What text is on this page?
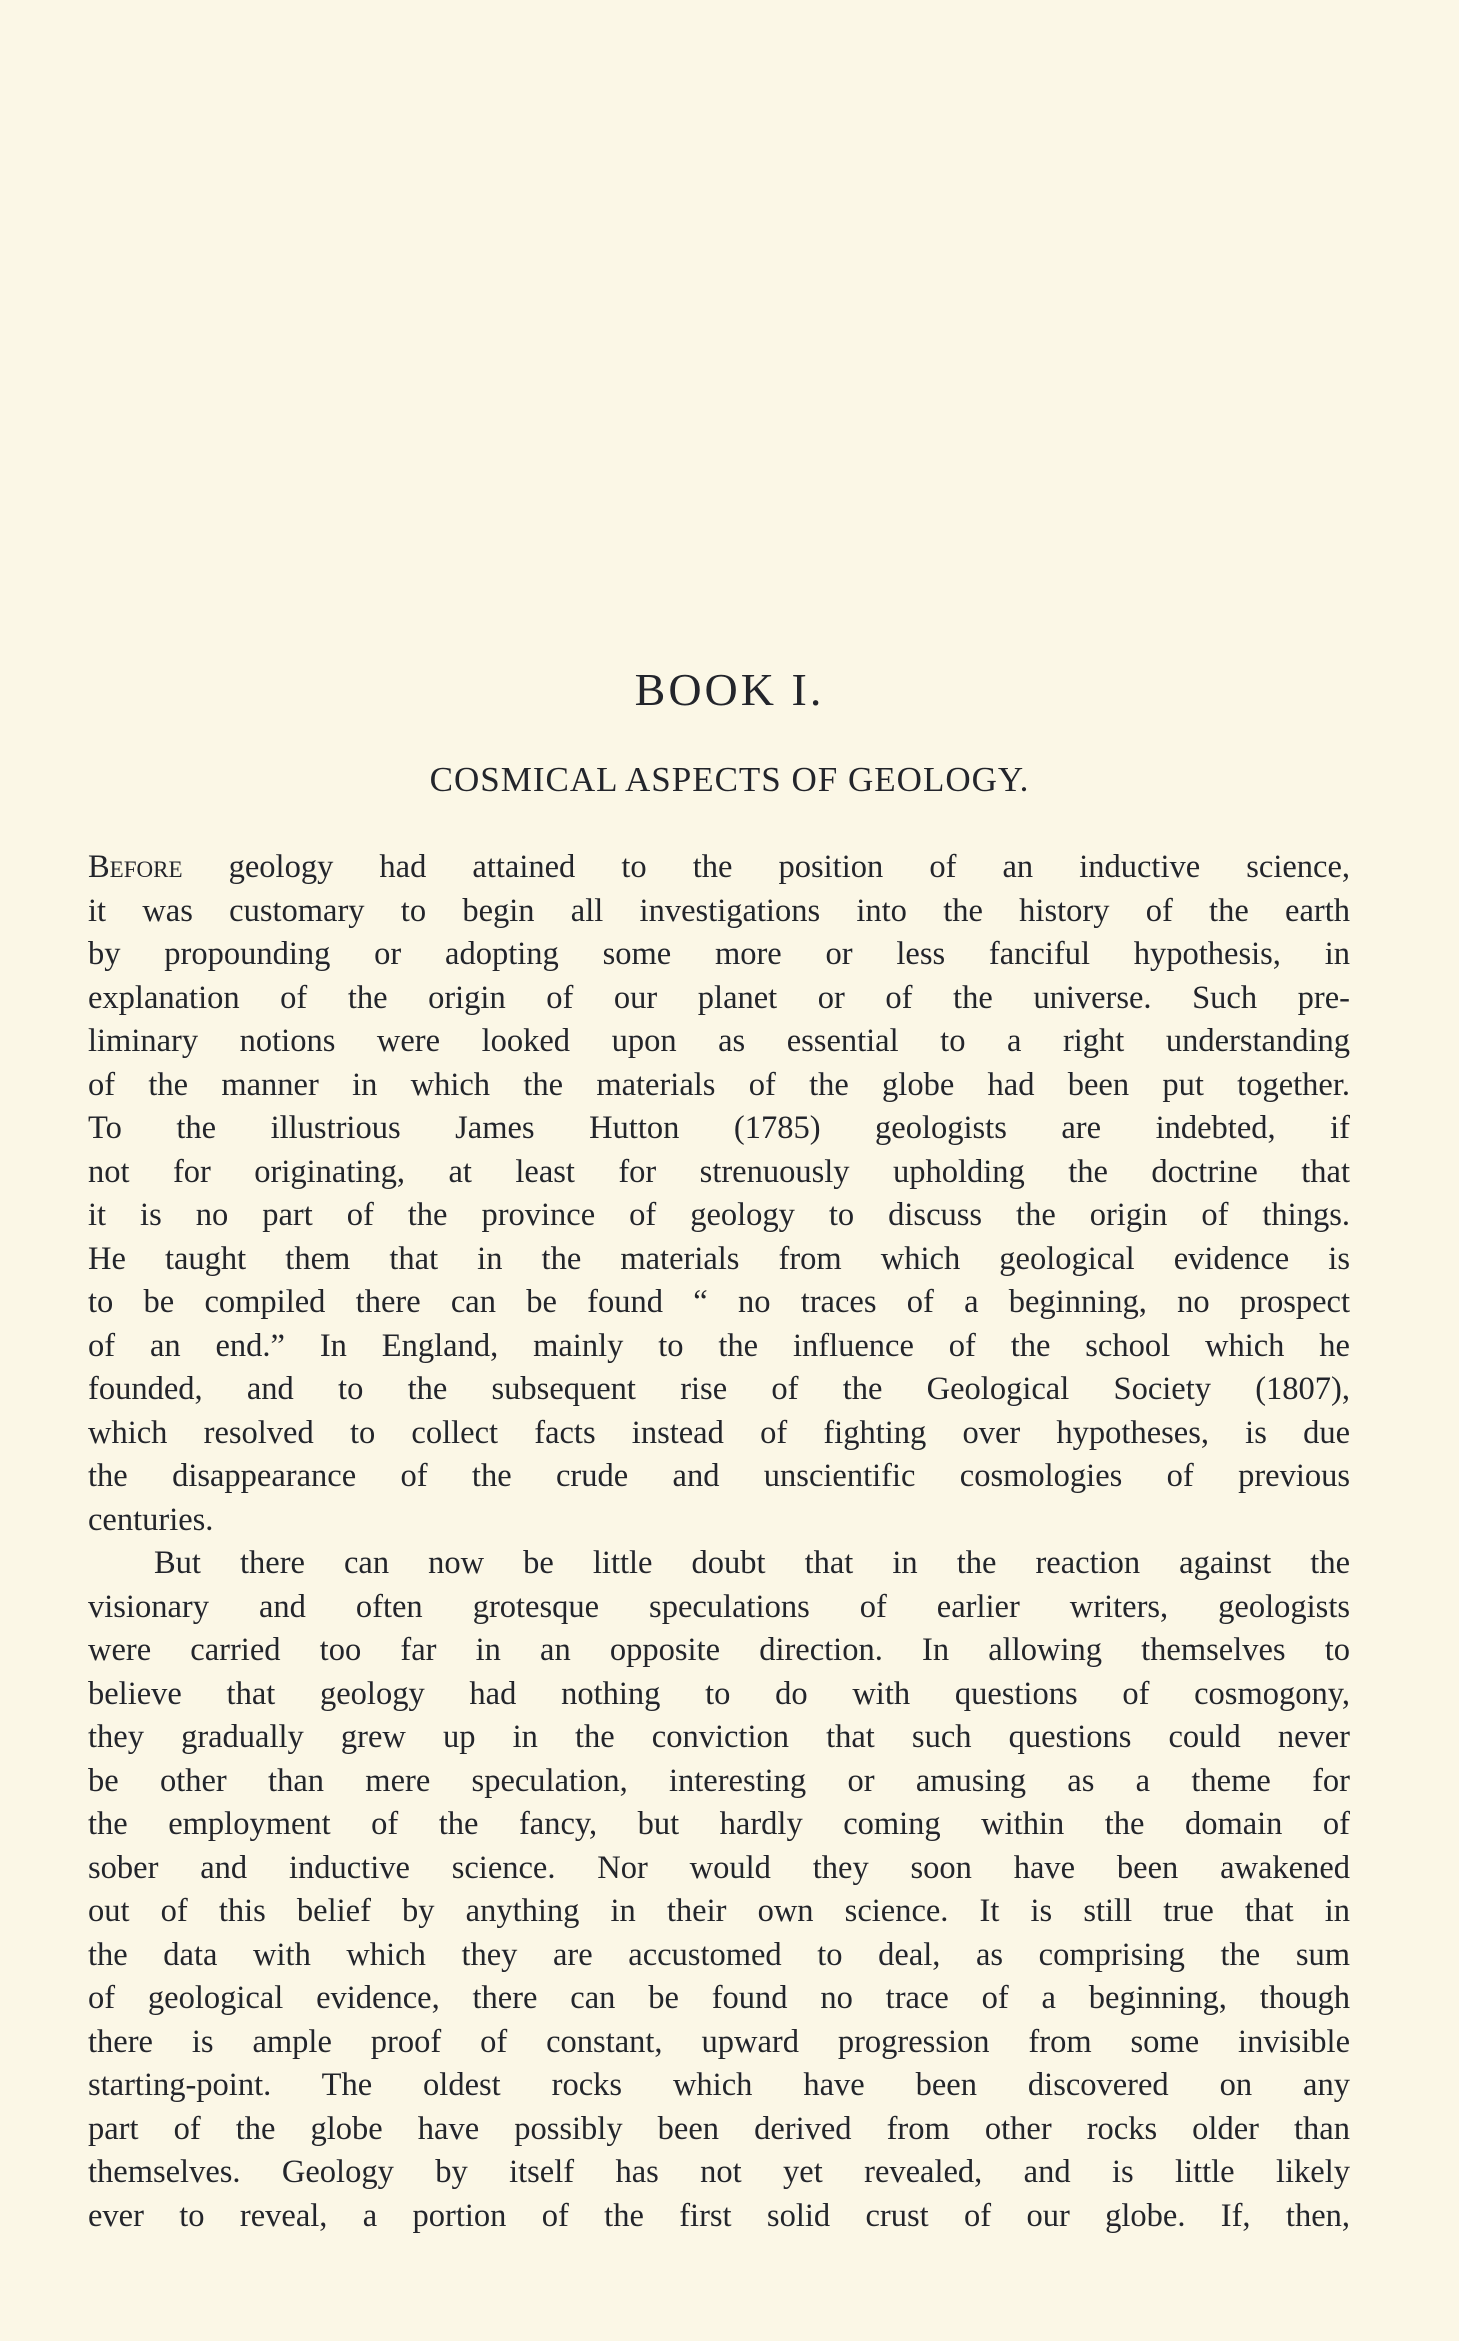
BOOK I.
COSMICAL ASPECTS OF GEOLOGY.
Before geology had attained to the position of an inductive science,
it was customary to begin all investigations into the history of the earth
by propounding or adopting some more or less fanciful hypothesis, in
explanation of the origin of our planet or of the universe. Such pre-
liminary notions were looked upon as essential to a right understanding
of the manner in which the materials of the globe had been put together.
To the illustrious James Hutton (1785) geologists are indebted, if
not for originating, at least for strenuously upholding the doctrine that
it is no part of the province of geology to discuss the origin of things.
He taught them that in the materials from which geological evidence is
to be compiled there can be found “ no traces of a beginning, no prospect
of an end.” In England, mainly to the influence of the school which he
founded, and to the subsequent rise of the Geological Society (1807),
which resolved to collect facts instead of fighting over hypotheses, is due
the disappearance of the crude and unscientific cosmologies of previous
centuries.
But there can now be little doubt that in the reaction against the
visionary and often grotesque speculations of earlier writers, geologists
were carried too far in an opposite direction. In allowing themselves to
believe that geology had nothing to do with questions of cosmogony,
they gradually grew up in the conviction that such questions could never
be other than mere speculation, interesting or amusing as a theme for
the employment of the fancy, but hardly coming within the domain of
sober and inductive science. Nor would they soon have been awakened
out of this belief by anything in their own science. It is still true that in
the data with which they are accustomed to deal, as comprising the sum
of geological evidence, there can be found no trace of a beginning, though
there is ample proof of constant, upward progression from some invisible
starting-point. The oldest rocks which have been discovered on any
part of the globe have possibly been derived from other rocks older than
themselves. Geology by itself has not yet revealed, and is little likely
ever to reveal, a portion of the first solid crust of our globe. If, then,
